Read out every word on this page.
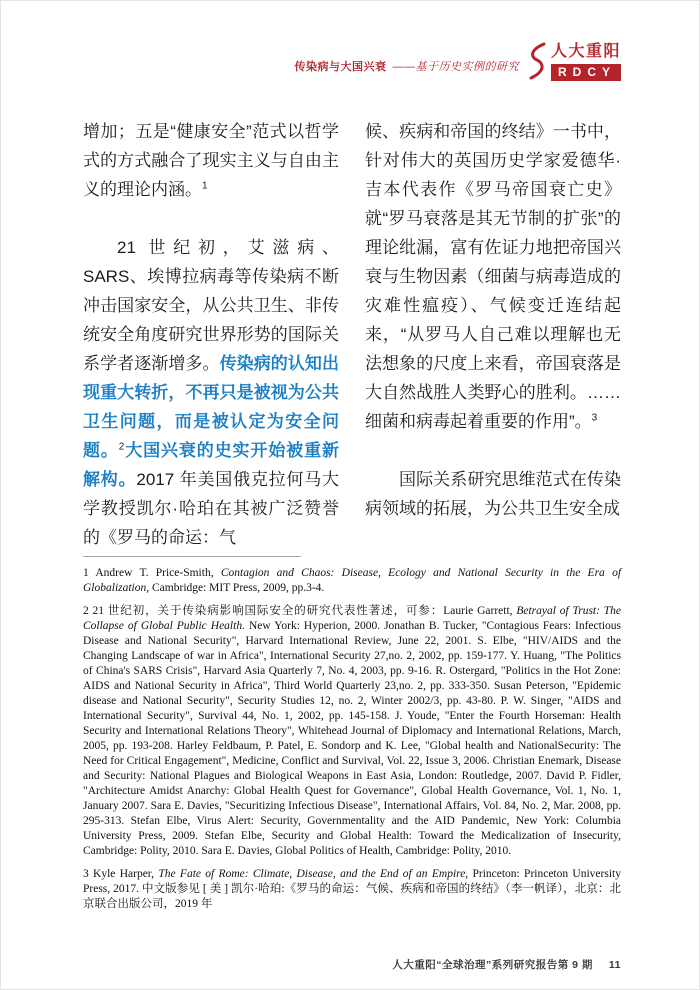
传染病与大国兴衰 ——基于历史实例的研究
人大重阳
RDCY

增加；五是“健康安全”范式以哲学式的方式融合了现实主义与自由主义的理论内涵。$^1$

21 世纪初，艾滋病、SARS、埃博拉病毒等传染病不断冲击国家安全，从公共卫生、非传统安全角度研究世界形势的国际关系学者逐渐增多。传染病的认知出现重大转折，不再只是被视为公共卫生问题，而是被认定为安全问题。$^2$大国兴衰的史实开始被重新解构。2017 年美国俄克拉何马大学教授凯尔·哈珀在其被广泛赞誉的《罗马的命运：气

候、疾病和帝国的终结》一书中，针对伟大的英国历史学家爱德华·吉本代表作《罗马帝国衰亡史》就“罗马衰落是其无节制的扩张”的理论纰漏，富有佐证力地把帝国兴衰与生物因素（细菌与病毒造成的灾难性瘟疫）、气候变迁连结起来，“从罗马人自己难以理解也无法想象的尺度上来看，帝国衰落是大自然战胜人类野心的胜利。……细菌和病毒起着重要的作用”。$^3$

国际关系研究思维范式在传染病领域的拓展，为公共卫生安全成

1 Andrew T. Price-Smith, Contagion and Chaos: Disease, Ecology and National Security in the Era of Globalization, Cambridge: MIT Press, 2009, pp.3-4.

2 21 世纪初，关于传染病影响国际安全的研究代表性著述，可参：Laurie Garrett, Betrayal of Trust: The Collapse of Global Public Health. New York: Hyperion, 2000. Jonathan B. Tucker, "Contagious Fears: Infectious Disease and National Security", Harvard International Review, June 22, 2001. S. Elbe, "HIV/AIDS and the Changing Landscape of war in Africa", International Security 27,no. 2, 2002, pp. 159-177. Y. Huang, "The Politics of China's SARS Crisis", Harvard Asia Quarterly 7, No. 4, 2003, pp. 9-16. R. Ostergard, "Politics in the Hot Zone: AIDS and National Security in Africa", Third World Quarterly 23,no. 2, pp. 333-350. Susan Peterson, "Epidemic disease and National Security", Security Studies 12, no. 2, Winter 2002/3, pp. 43-80. P. W. Singer, "AIDS and International Security", Survival 44, No. 1, 2002, pp. 145-158. J. Youde, "Enter the Fourth Horseman: Health Security and International Relations Theory", Whitehead Journal of Diplomacy and International Relations, March, 2005, pp. 193-208. Harley Feldbaum, P. Patel, E. Sondorp and K. Lee, "Global health and NationalSecurity: The Need for Critical Engagement", Medicine, Conflict and Survival, Vol. 22, Issue 3, 2006. Christian Enemark, Disease and Security: National Plagues and Biological Weapons in East Asia, London: Routledge, 2007. David P. Fidler, "Architecture Amidst Anarchy: Global Health Quest for Governance", Global Health Governance, Vol. 1, No. 1, January 2007. Sara E. Davies, "Securitizing Infectious Disease", International Affairs, Vol. 84, No. 2, Mar. 2008, pp. 295-313. Stefan Elbe, Virus Alert: Security, Governmentality and the AID Pandemic, New York: Columbia University Press, 2009. Stefan Elbe, Security and Global Health: Toward the Medicalization of Insecurity, Cambridge: Polity, 2010. Sara E. Davies, Global Politics of Health, Cambridge: Polity, 2010.

3 Kyle Harper, The Fate of Rome: Climate, Disease, and the End of an Empire, Princeton: Princeton University Press, 2017. 中文版参见 [ 美 ] 凯尔·哈珀:《罗马的命运：气候、疾病和帝国的终结》（李一帆译），北京：北京联合出版公司，2019 年

人大重阳“全球治理”系列研究报告第 9 期 11
